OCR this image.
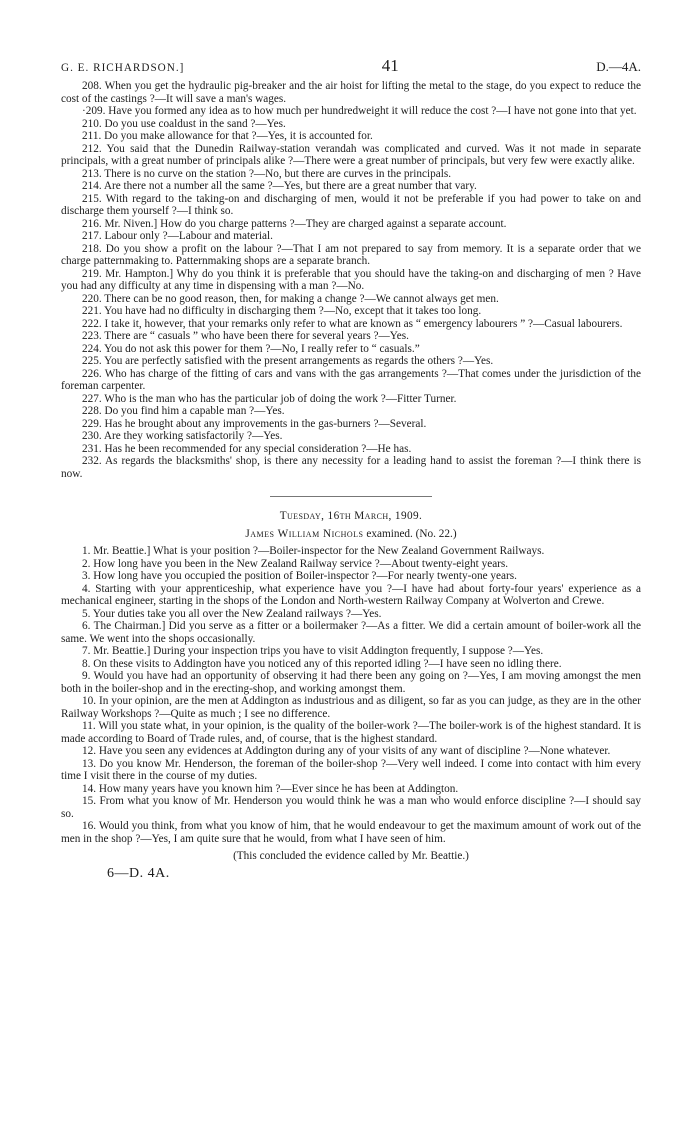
G. E. RICHARDSON.]	41	D.—4A.

208. When you get the hydraulic pig-breaker and the air hoist for lifting the metal to the stage, do you expect to reduce the cost of the castings ?—It will save a man's wages.

·209. Have you formed any idea as to how much per hundredweight it will reduce the cost ?—I have not gone into that yet.

210. Do you use coaldust in the sand ?—Yes.

211. Do you make allowance for that ?—Yes, it is accounted for.

212. You said that the Dunedin Railway-station verandah was complicated and curved. Was it not made in separate principals, with a great number of principals alike ?—There were a great number of principals, but very few were exactly alike.

213. There is no curve on the station ?—No, but there are curves in the principals.

214. Are there not a number all the same ?—Yes, but there are a great number that vary.

215. With regard to the taking-on and discharging of men, would it not be preferable if you had power to take on and discharge them yourself ?—I think so.

216. Mr. Niven.] How do you charge patterns ?—They are charged against a separate account.

217. Labour only ?—Labour and material.

218. Do you show a profit on the labour ?—That I am not prepared to say from memory. It is a separate order that we charge patternmaking to. Patternmaking shops are a separate branch.

219. Mr. Hampton.] Why do you think it is preferable that you should have the taking-on and discharging of men ? Have you had any difficulty at any time in dispensing with a man ?—No.

220. There can be no good reason, then, for making a change ?—We cannot always get men.

221. You have had no difficulty in discharging them ?—No, except that it takes too long.

222. I take it, however, that your remarks only refer to what are known as “ emergency labourers ” ?—Casual labourers.

223. There are “ casuals ” who have been there for several years ?—Yes.

224. You do not ask this power for them ?—No, I really refer to “ casuals.”

225. You are perfectly satisfied with the present arrangements as regards the others ?—Yes.

226. Who has charge of the fitting of cars and vans with the gas arrangements ?—That comes under the jurisdiction of the foreman carpenter.

227. Who is the man who has the particular job of doing the work ?—Fitter Turner.

228. Do you find him a capable man ?—Yes.

229. Has he brought about any improvements in the gas-burners ?—Several.

230. Are they working satisfactorily ?—Yes.

231. Has he been recommended for any special consideration ?—He has.

232. As regards the blacksmiths' shop, is there any necessity for a leading hand to assist the foreman ?—I think there is now.

Tuesday, 16th March, 1909.

James William Nichols examined. (No. 22.)

1. Mr. Beattie.] What is your position ?—Boiler-inspector for the New Zealand Government Railways.

2. How long have you been in the New Zealand Railway service ?—About twenty-eight years.

3. How long have you occupied the position of Boiler-inspector ?—For nearly twenty-one years.

4. Starting with your apprenticeship, what experience have you ?—I have had about forty-four years' experience as a mechanical engineer, starting in the shops of the London and North-western Railway Company at Wolverton and Crewe.

5. Your duties take you all over the New Zealand railways ?—Yes.

6. The Chairman.] Did you serve as a fitter or a boilermaker ?—As a fitter. We did a certain amount of boiler-work all the same. We went into the shops occasionally.

7. Mr. Beattie.] During your inspection trips you have to visit Addington frequently, I suppose ?—Yes.

8. On these visits to Addington have you noticed any of this reported idling ?—I have seen no idling there.

9. Would you have had an opportunity of observing it had there been any going on ?—Yes, I am moving amongst the men both in the boiler-shop and in the erecting-shop, and working amongst them.

10. In your opinion, are the men at Addington as industrious and as diligent, so far as you can judge, as they are in the other Railway Workshops ?—Quite as much ; I see no difference.

11. Will you state what, in your opinion, is the quality of the boiler-work ?—The boiler-work is of the highest standard. It is made according to Board of Trade rules, and, of course, that is the highest standard.

12. Have you seen any evidences at Addington during any of your visits of any want of discipline ?—None whatever.

13. Do you know Mr. Henderson, the foreman of the boiler-shop ?—Very well indeed. I come into contact with him every time I visit there in the course of my duties.

14. How many years have you known him ?—Ever since he has been at Addington.

15. From what you know of Mr. Henderson you would think he was a man who would enforce discipline ?—I should say so.

16. Would you think, from what you know of him, that he would endeavour to get the maximum amount of work out of the men in the shop ?—Yes, I am quite sure that he would, from what I have seen of him.

(This concluded the evidence called by Mr. Beattie.)

6—D. 4A.
